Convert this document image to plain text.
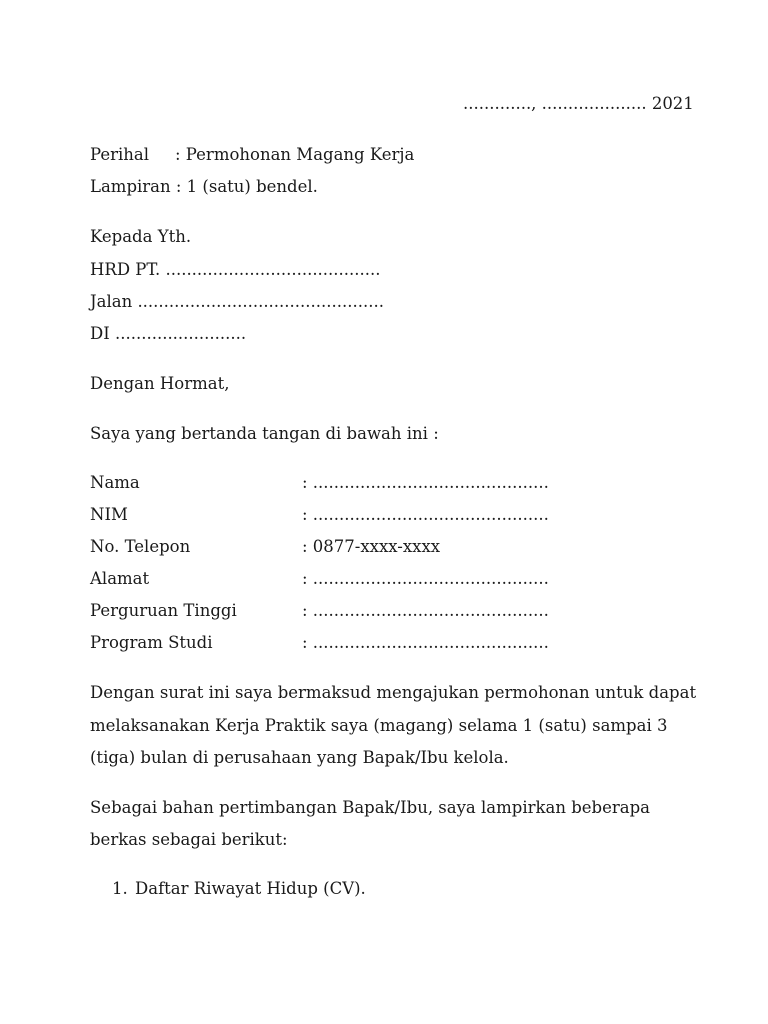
............., .................... 2021
Perihal : Permohonan Magang Kerja
Lampiran : 1 (satu) bendel.
Kepada Yth.
HRD PT. .........................................
Jalan ...............................................
DI .........................
Dengan Hormat,
Saya yang bertanda tangan di bawah ini :
Nama	: .............................................
NIM	: .............................................
No. Telepon	: 0877-xxxx-xxxx
Alamat	: .............................................
Perguruan Tinggi	: .............................................
Program Studi	: .............................................
Dengan surat ini saya bermaksud mengajukan permohonan untuk dapat
melaksanakan Kerja Praktik saya (magang) selama 1 (satu) sampai 3
(tiga) bulan di perusahaan yang Bapak/Ibu kelola.
Sebagai bahan pertimbangan Bapak/Ibu, saya lampirkan beberapa
berkas sebagai berikut:
1. Daftar Riwayat Hidup (CV).
